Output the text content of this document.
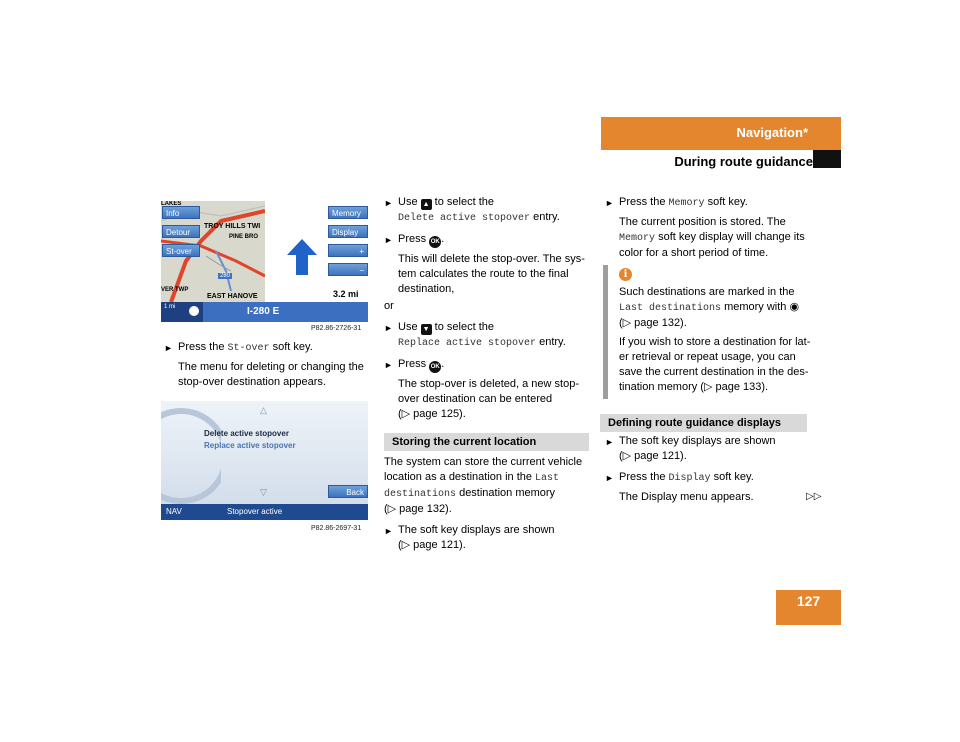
Navigation*
During route guidance
127
Info
Detour
St-over
LAKES
TROY HILLS TWI
PINE BRO
VER TWP
EAST HANOVE
280
Memory
Display
+
−
3.2 mi
I-280 E
1 mi
P82.86-2726-31
△
Delete active stopover
Replace active stopover
▽	Back
NAV	Stopover active
P82.86-2697-31

► Press the St-over soft key.

The menu for deleting or changing the stop-over destination appears.

► Use ▲ to select the

Delete active stopover entry.

► Press OK .

This will delete the stop-over. The sys-

tem calculates the route to the final

destination,

or

► Use ▼ to select the

Replace active stopover entry.

► Press OK .

The stop-over is deleted, a new stop-

over destination can be entered

(▷ page 125).

Storing the current location

The system can store the current vehicle

location as a destination in the Last

destinations destination memory

(▷ page 132).

► The soft key displays are shown

(▷ page 121).

► Press the Memory soft key.

The current position is stored. The

Memory soft key display will change its

color for a short period of time.

i

Such destinations are marked in the

Last destinations memory with ◉

(▷ page 132).

If you wish to store a destination for lat-

er retrieval or repeat usage, you can

save the current destination in the des-

tination memory (▷ page 133).

Defining route guidance displays

► The soft key displays are shown

(▷ page 121).

► Press the Display soft key.

The Display menu appears.	▷▷
